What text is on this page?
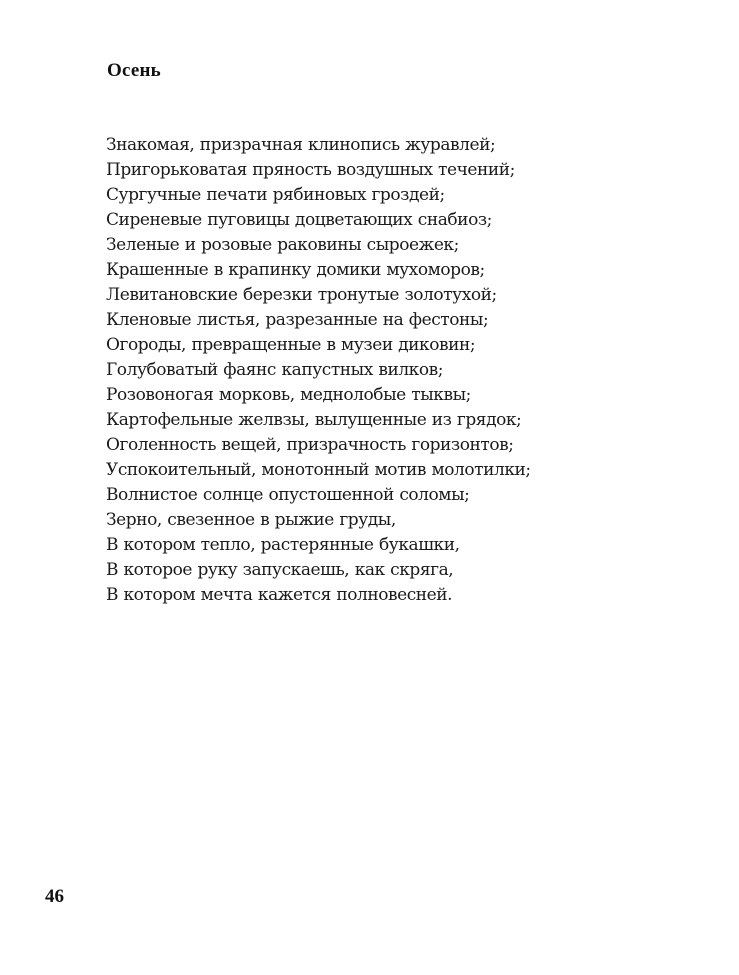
Осень
Знакомая, призрачная клинопись журавлей;
Пригорьковатая пряность воздушных течений;
Сургучные печати рябиновых гроздей;
Сиреневые пуговицы доцветающих снабиоз;
Зеленые и розовые раковины сыроежек;
Крашенные в крапинку домики мухоморов;
Левитановские березки тронутые золотухой;
Кленовые листья, разрезанные на фестоны;
Огороды, превращенные в музеи диковин;
Голубоватый фаянс капустных вилков;
Розовоногая морковь, меднолобые тыквы;
Картофельные желвзы, вылущенные из грядок;
Оголенность вещей, призрачность горизонтов;
Успокоительный, монотонный мотив молотилки;
Волнистое солнце опустошенной соломы;
Зерно, свезенное в рыжие груды,
В котором тепло, растерянные букашки,
В которое руку запускаешь, как скряга,
В котором мечта кажется полновесней.
46
